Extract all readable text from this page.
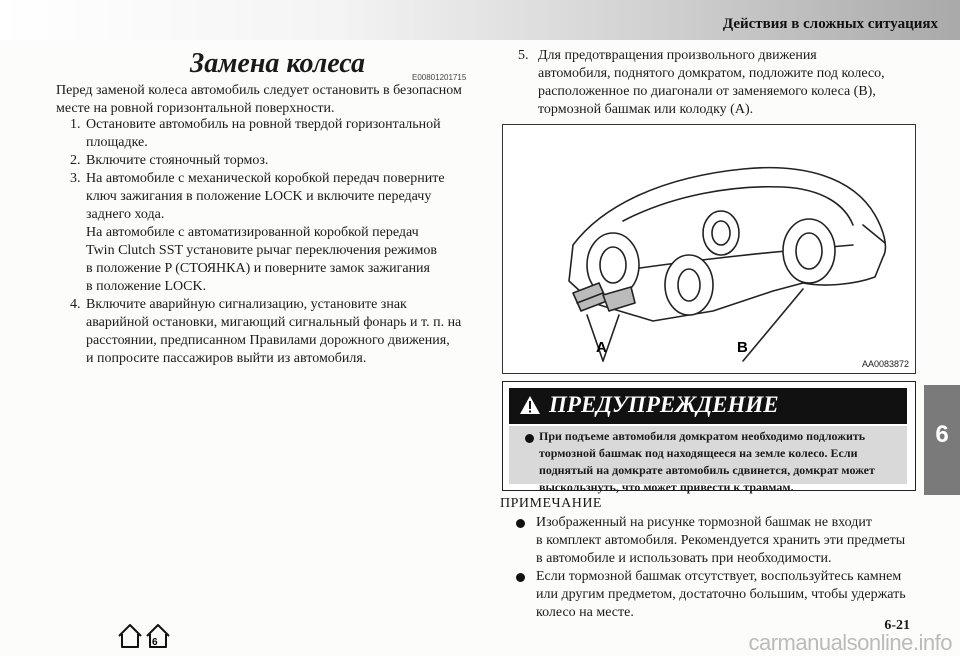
Действия в сложных ситуациях
6
Замена колеса	E00801201715
Перед заменой колеса автомобиль следует остановить в безопасном месте на ровной горизонтальной поверхности.
1. Остановите автомобиль на ровной твердой горизонтальной
площадке.
2. Включите стояночный тормоз.
3. На автомобиле с механической коробкой передач поверните
ключ зажигания в положение LOCK и включите передачу
заднего хода.
На автомобиле с автоматизированной коробкой передач
Twin Clutch SST установите рычаг переключения режимов
в положение P (СТОЯНКА) и поверните замок зажигания
в положение LOCK.
4. Включите аварийную сигнализацию, установите знак
аварийной остановки, мигающий сигнальный фонарь и т. п. на
расстоянии, предписанном Правилами дорожного движения,
и попросите пассажиров выйти из автомобиля.
5. Для предотвращения произвольного движения
автомобиля, поднятого домкратом, подложите под колесо,
расположенное по диагонали от заменяемого колеса (B),
тормозной башмак или колодку (A).
A	B
AA0083872
ПРЕДУПРЕЖДЕНИЕ
При подъеме автомобиля домкратом необходимо подложить
тормозной башмак под находящееся на земле колесо. Если
поднятый на домкрате автомобиль сдвинется, домкрат может
выскользнуть, что может привести к травмам.
ПРИМЕЧАНИЕ
Изображенный на рисунке тормозной башмак не входит
в комплект автомобиля. Рекомендуется хранить эти предметы
в автомобиле и использовать при необходимости.
Если тормозной башмак отсутствует, воспользуйтесь камнем
или другим предметом, достаточно большим, чтобы удержать
колесо на месте.
6
6-21
carmanualsonline.info
